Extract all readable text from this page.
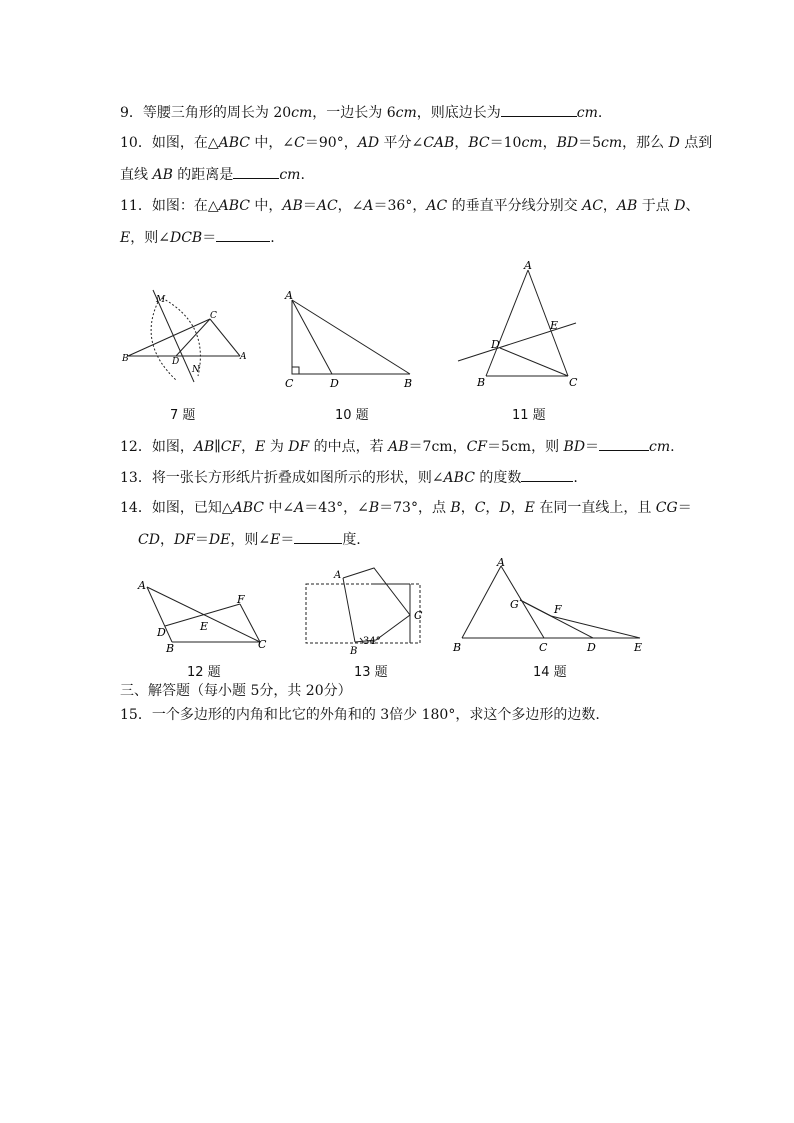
9．等腰三角形的周长为 20cm，一边长为 6cm，则底边长为	cm.
10．如图，在△ABC 中，∠C＝90°，AD 平分∠CAB，BC＝10cm，BD＝5cm，那么 D 点到
直线 AB 的距离是	cm.
11．如图：在△ABC 中，AB＝AC，∠A＝36°，AC 的垂直平分线分别交 AC，AB 于点 D、
E，则∠DCB＝	.
M
C
B	D	A
N
7 题
A
C	D	B
10 题
A
E
D
B	C
11 题
12．如图，AB∥CF，E 为 DF 的中点，若 AB＝7cm，CF＝5cm，则 BD＝	cm.
13．将一张长方形纸片折叠成如图所示的形状，则∠ABC 的度数	.
14．如图，已知△ABC 中∠A＝43°，∠B＝73°，点 B，C，D，E 在同一直线上，且 CG＝
CD，DF＝DE，则∠E＝	度.
A
F
E
D
B	C
12 题
A
C
B
34°
13 题
A
G	F
B	C	D	E
14 题
三、解答题（每小题 5分，共 20分）
15．一个多边形的内角和比它的外角和的 3倍少 180°，求这个多边形的边数.
